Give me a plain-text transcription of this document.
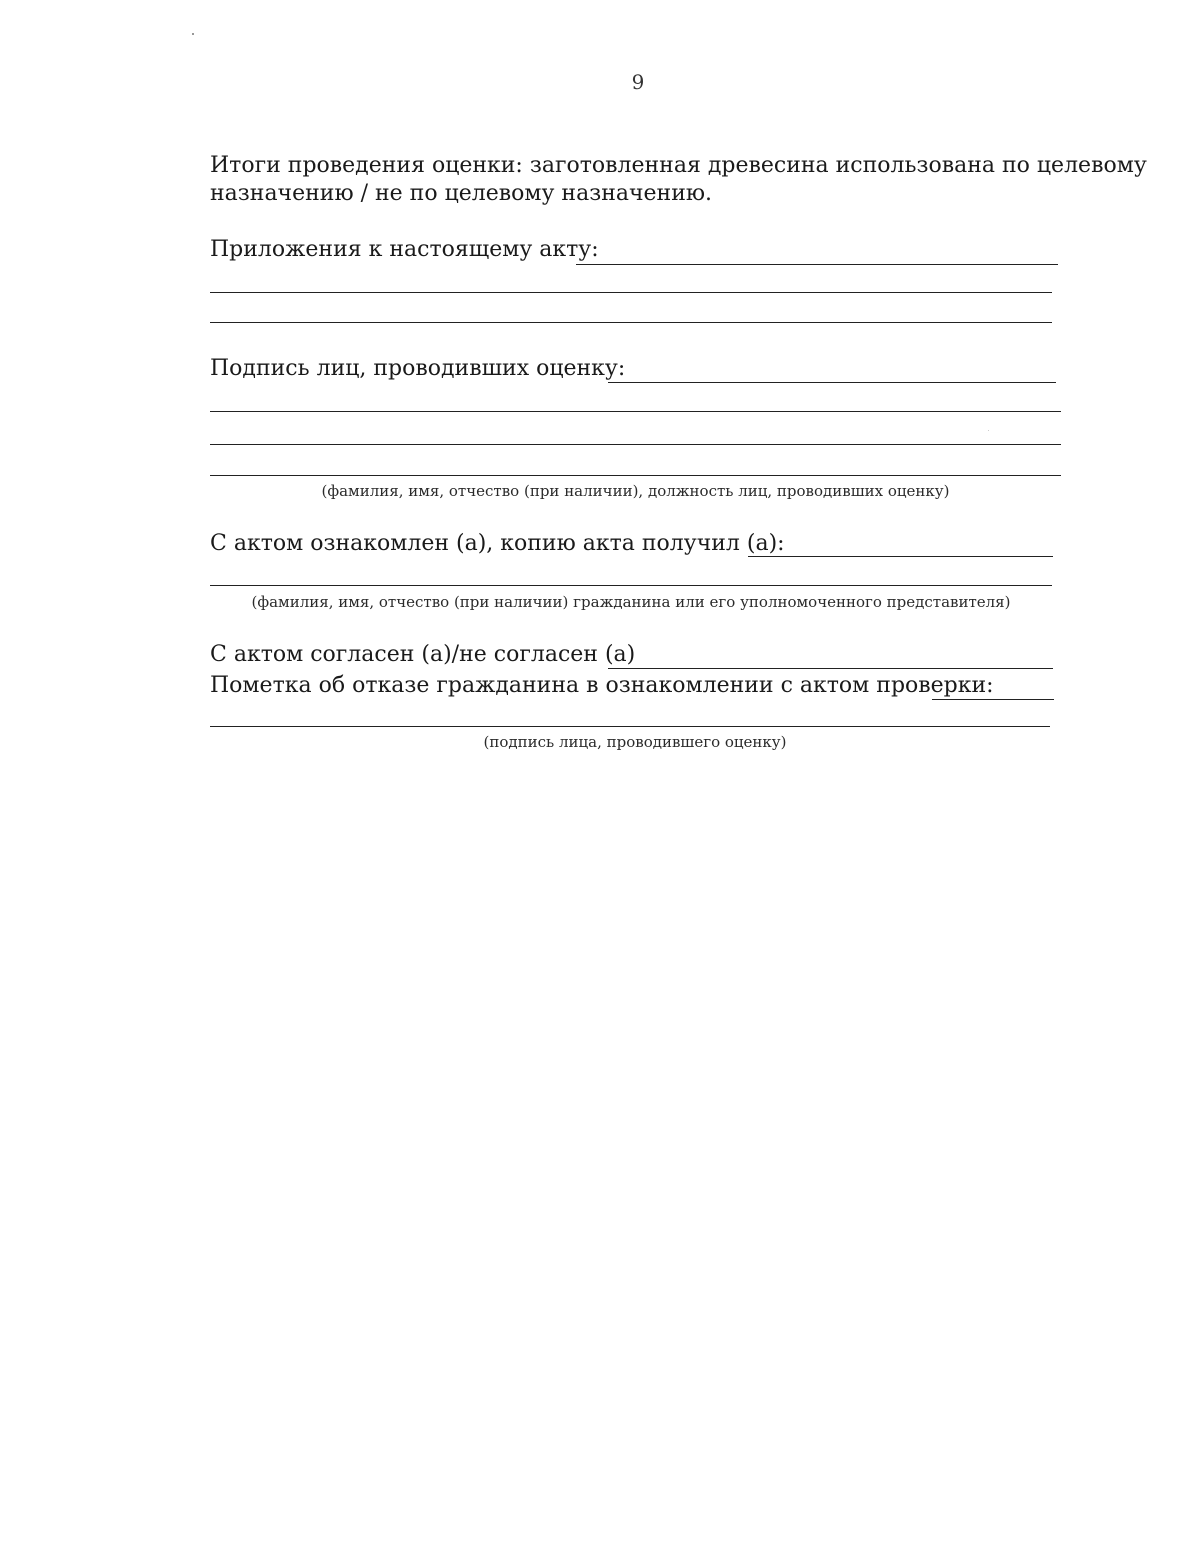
9
Итоги проведения оценки: заготовленная древесина использована по целевому
назначению / не по целевому назначению.
Приложения к настоящему акту:
Подпись лиц, проводивших оценку:
(фамилия, имя, отчество (при наличии), должность лиц, проводивших оценку)
С актом ознакомлен (а), копию акта получил (а):
(фамилия, имя, отчество (при наличии) гражданина или его уполномоченного представителя)
С актом согласен (а)/не согласен (а)
Пометка об отказе гражданина в ознакомлении с актом проверки:
(подпись лица, проводившего оценку)
